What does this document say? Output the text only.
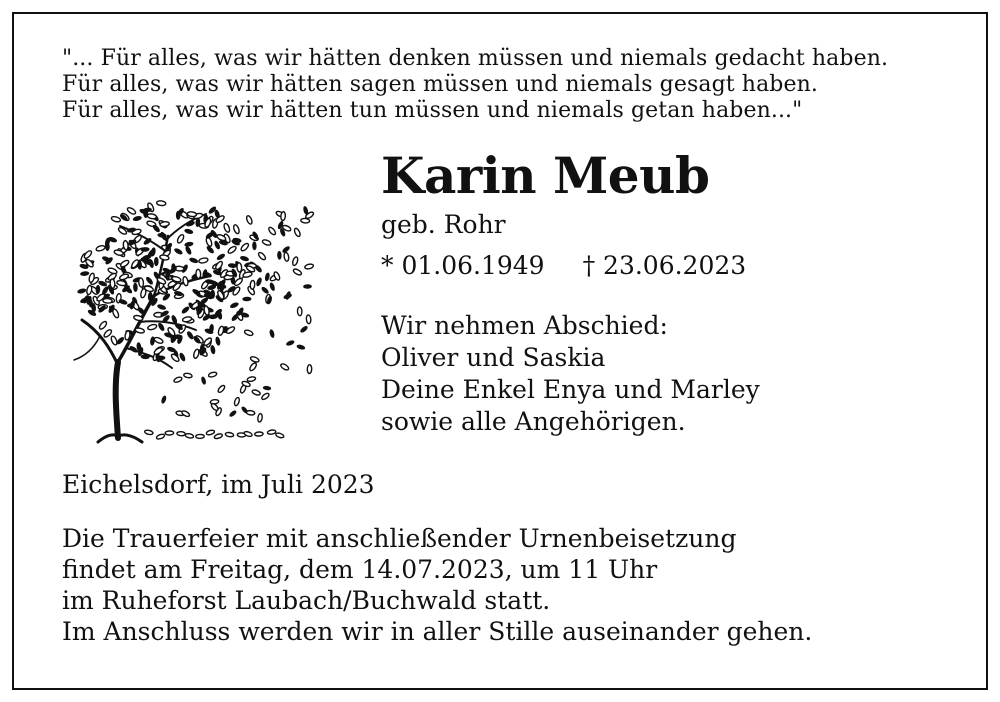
"... Für alles, was wir hätten denken müssen und niemals gedacht haben.
Für alles, was wir hätten sagen müssen und niemals gesagt haben.
Für alles, was wir hätten tun müssen und niemals getan haben..."
Karin Meub
geb. Rohr
* 01.06.1949 † 23.06.2023
Wir nehmen Abschied:
Oliver und Saskia
Deine Enkel Enya und Marley
sowie alle Angehörigen.
Eichelsdorf, im Juli 2023
Die Trauerfeier mit anschließender Urnenbeisetzung
findet am Freitag, dem 14.07.2023, um 11 Uhr
im Ruheforst Laubach/Buchwald statt.
Im Anschluss werden wir in aller Stille auseinander gehen.
